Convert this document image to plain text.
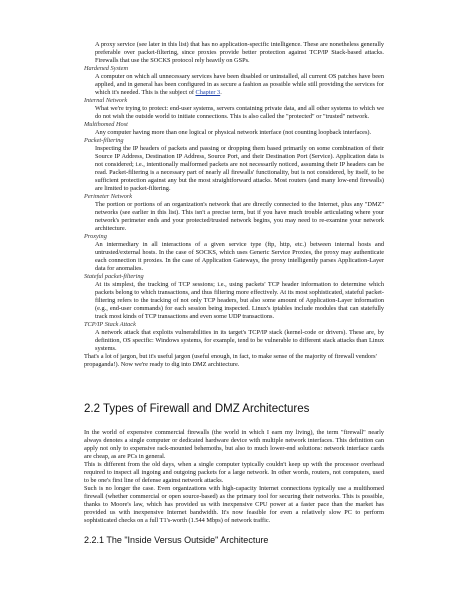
A proxy service (see later in this list) that has no application-specific intelligence. These are nonetheless generally preferable over packet-filtering, since proxies provide better protection against TCP/IP Stack-based attacks. Firewalls that use the SOCKS protocol rely heavily on GSPs.

Hardened System

A computer on which all unnecessary services have been disabled or uninstalled, all current OS patches have been applied, and in general has been configured in as secure a fashion as possible while still providing the services for which it's needed. This is the subject of Chapter 3.

Internal Network

What we're trying to protect: end-user systems, servers containing private data, and all other systems to which we do not wish the outside world to initiate connections. This is also called the "protected" or "trusted" network.

Multihomed Host

Any computer having more than one logical or physical network interface (not counting loopback interfaces).

Packet-filtering

Inspecting the IP headers of packets and passing or dropping them based primarily on some combination of their Source IP Address, Destination IP Address, Source Port, and their Destination Port (Service). Application data is not considered; i.e., intentionally malformed packets are not necessarily noticed, assuming their IP headers can be read. Packet-filtering is a necessary part of nearly all firewalls' functionality, but is not considered, by itself, to be sufficient protection against any but the most straightforward attacks. Most routers (and many low-end firewalls) are limited to packet-filtering.

Perimeter Network

The portion or portions of an organization's network that are directly connected to the Internet, plus any "DMZ" networks (see earlier in this list). This isn't a precise term, but if you have much trouble articulating where your network's perimeter ends and your protected/trusted network begins, you may need to re-examine your network architecture.

Proxying

An intermediary in all interactions of a given service type (ftp, http, etc.) between internal hosts and untrusted/external hosts. In the case of SOCKS, which uses Generic Service Proxies, the proxy may authenticate each connection it proxies. In the case of Application Gateways, the proxy intelligently parses Application-Layer data for anomalies.

Stateful packet-filtering

At its simplest, the tracking of TCP sessions; i.e., using packets' TCP header information to determine which packets belong to which transactions, and thus filtering more effectively. At its most sophisticated, stateful packet-filtering refers to the tracking of not only TCP headers, but also some amount of Application-Layer information (e.g., end-user commands) for each session being inspected. Linux's iptables include modules that can statefully track most kinds of TCP transactions and even some UDP transactions.

TCP/IP Stack Attack

A network attack that exploits vulnerabilities in its target's TCP/IP stack (kernel-code or drivers). These are, by definition, OS specific: Windows systems, for example, tend to be vulnerable to different stack attacks than Linux systems.

That's a lot of jargon, but it's useful jargon (useful enough, in fact, to make sense of the majority of firewall vendors' propaganda!). Now we're ready to dig into DMZ architecture.

2.2 Types of Firewall and DMZ Architectures

In the world of expensive commercial firewalls (the world in which I earn my living), the term "firewall" nearly always denotes a single computer or dedicated hardware device with multiple network interfaces. This definition can apply not only to expensive rack-mounted behemoths, but also to much lower-end solutions: network interface cards are cheap, as are PCs in general.

This is different from the old days, when a single computer typically couldn't keep up with the processor overhead required to inspect all ingoing and outgoing packets for a large network. In other words, routers, not computers, used to be one's first line of defense against network attacks.

Such is no longer the case. Even organizations with high-capacity Internet connections typically use a multihomed firewall (whether commercial or open source-based) as the primary tool for securing their networks. This is possible, thanks to Moore's law, which has provided us with inexpensive CPU power at a faster pace than the market has provided us with inexpensive Internet bandwidth. It's now feasible for even a relatively slow PC to perform sophisticated checks on a full T1's-worth (1.544 Mbps) of network traffic.

2.2.1 The "Inside Versus Outside" Architecture
